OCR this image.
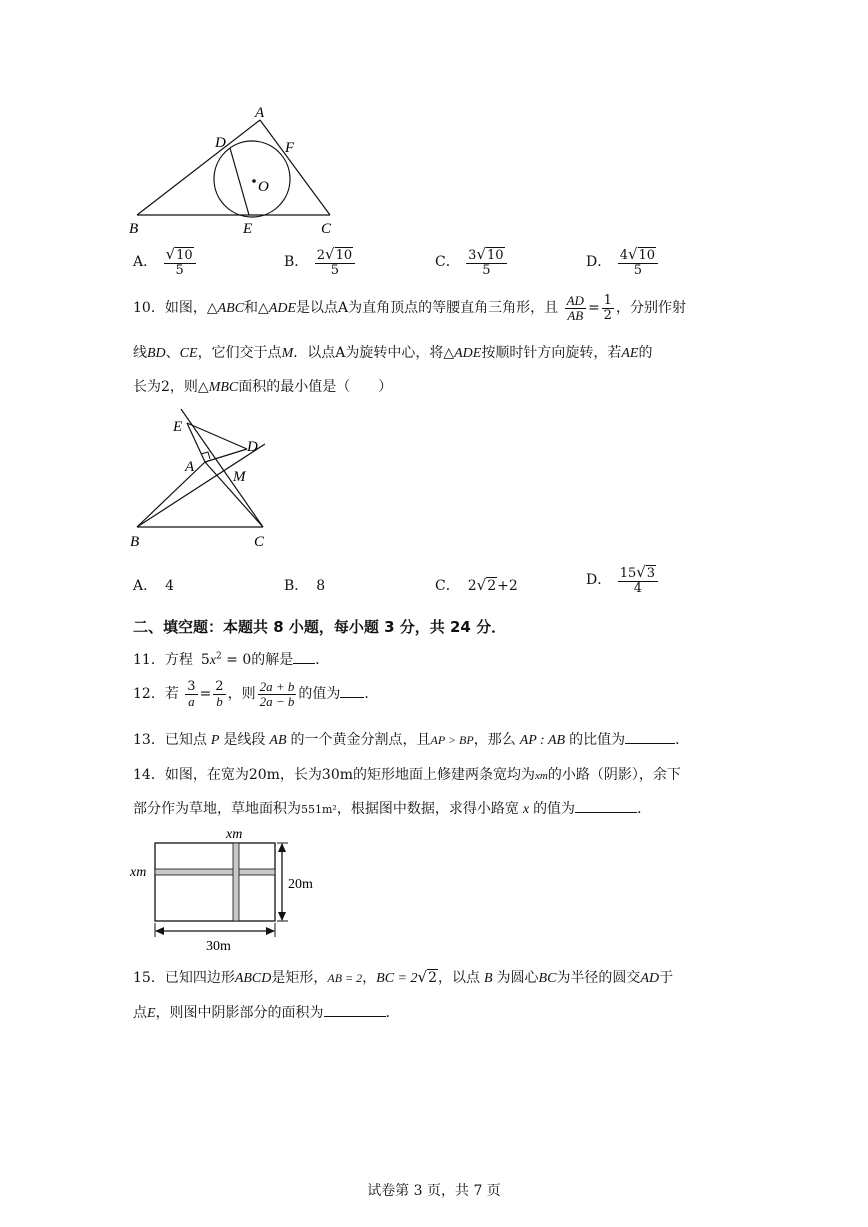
A
B	C
D
E
F
O
A． $\frac{√10}{5}$	B． $\frac{2√10}{5}$	C． $\frac{3√10}{5}$	D． $\frac{4√10}{5}$
10．如图，△ABC和△ADE是以点A为直角顶点的等腰直角三角形，且 $\frac{AD}{AB} = \frac{1}{2}$ ，分别作射
线BD、CE，它们交于点M．以点A为旋转中心，将△ADE按顺时针方向旋转，若AE的
长为2，则△MBC面积的最小值是（　　）
E
D
A
M
B	C
A． 4	B． 8	C． 2√2+2	D． $\frac{15√3}{4}$
二、填空题：本题共 8 小题，每小题 3 分，共 24 分．
11．方程 $5x^2 = 0$的解是 ．
12．若 $\frac{3}{a} = \frac{2}{b}$ ，则 $\frac{2a + b}{2a - b}$ 的值为 ．
13．已知点 P 是线段 AB 的一个黄金分割点，且AP > BP，那么 AP : AB 的比值为	．
14．如图，在宽为20m，长为30m的矩形地面上修建两条宽均为xm的小路（阴影），余下
部分作为草地，草地面积为551m²，根据图中数据，求得小路宽 x 的值为	．
xm
xm
20m
30m
15．已知四边形ABCD是矩形，AB = 2，BC = 2√2，以点 B 为圆心BC为半径的圆交AD于
点E，则图中阴影部分的面积为	．
试卷第 3 页，共 7 页
